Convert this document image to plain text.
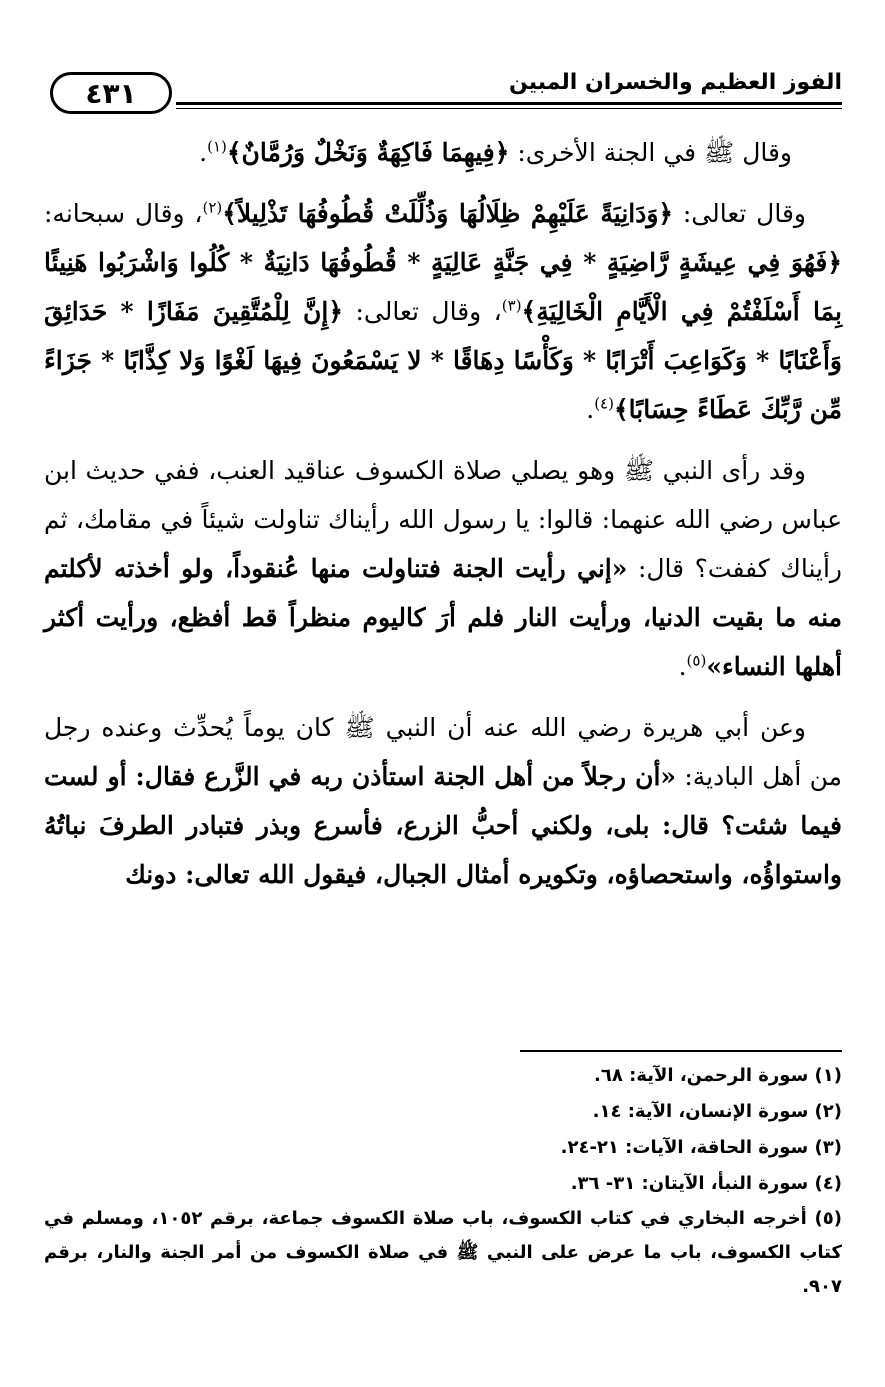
٤٣١	الفوز العظيم والخسران المبين

وقال ﷺ في الجنة الأخرى: ﴿فِيهِمَا فَاكِهَةٌ وَنَخْلٌ وَرُمَّانٌ﴾$^{(١)}$.

وقال تعالى: ﴿وَدَانِيَةً عَلَيْهِمْ ظِلَالُهَا وَذُلِّلَتْ قُطُوفُهَا تَذْلِيلاً﴾$^{(٢)}$، وقال سبحانه: ﴿فَهُوَ فِي عِيشَةٍ رَّاضِيَةٍ * فِي جَنَّةٍ عَالِيَةٍ * قُطُوفُهَا دَانِيَةٌ * كُلُوا وَاشْرَبُوا هَنِيئًا بِمَا أَسْلَفْتُمْ فِي الْأَيَّامِ الْخَالِيَةِ﴾$^{(٣)}$، وقال تعالى: ﴿إِنَّ لِلْمُتَّقِينَ مَفَازًا * حَدَائِقَ وَأَعْنَابًا * وَكَوَاعِبَ أَتْرَابًا * وَكَأْسًا دِهَاقًا * لا يَسْمَعُونَ فِيهَا لَغْوًا وَلا كِذَّابًا * جَزَاءً مِّن رَّبِّكَ عَطَاءً حِسَابًا﴾$^{(٤)}$.

وقد رأى النبي ﷺ وهو يصلي صلاة الكسوف عناقيد العنب، ففي حديث ابن عباس رضي الله عنهما: قالوا: يا رسول الله رأيناك تناولت شيئاً في مقامك، ثم رأيناك كففت؟ قال: «إني رأيت الجنة فتناولت منها عُنقوداً، ولو أخذته لأكلتم منه ما بقيت الدنيا، ورأيت النار فلم أرَ كاليوم منظراً قط أفظع، ورأيت أكثر أهلها النساء»$^{(٥)}$.

وعن أبي هريرة رضي الله عنه أن النبي ﷺ كان يوماً يُحدِّث وعنده رجل من أهل البادية: «أن رجلاً من أهل الجنة استأذن ربه في الزَّرع فقال: أو لست فيما شئت؟ قال: بلى، ولكني أحبُّ الزرع، فأسرع وبذر فتبادر الطرفَ نباتُهُ واستواؤُه، واستحصاؤه، وتكويره أمثال الجبال، فيقول الله تعالى: دونك

(١) سورة الرحمن، الآية: ٦٨.

(٢) سورة الإنسان، الآية: ١٤.

(٣) سورة الحاقة، الآيات: ٢١-٢٤.

(٤) سورة النبأ، الآيتان: ٣١- ٣٦.

(٥) أخرجه البخاري في كتاب الكسوف، باب صلاة الكسوف جماعة، برقم ١٠٥٢، ومسلم في كتاب الكسوف، باب ما عرض على النبي ﷺ في صلاة الكسوف من أمر الجنة والنار، برقم ٩٠٧.
